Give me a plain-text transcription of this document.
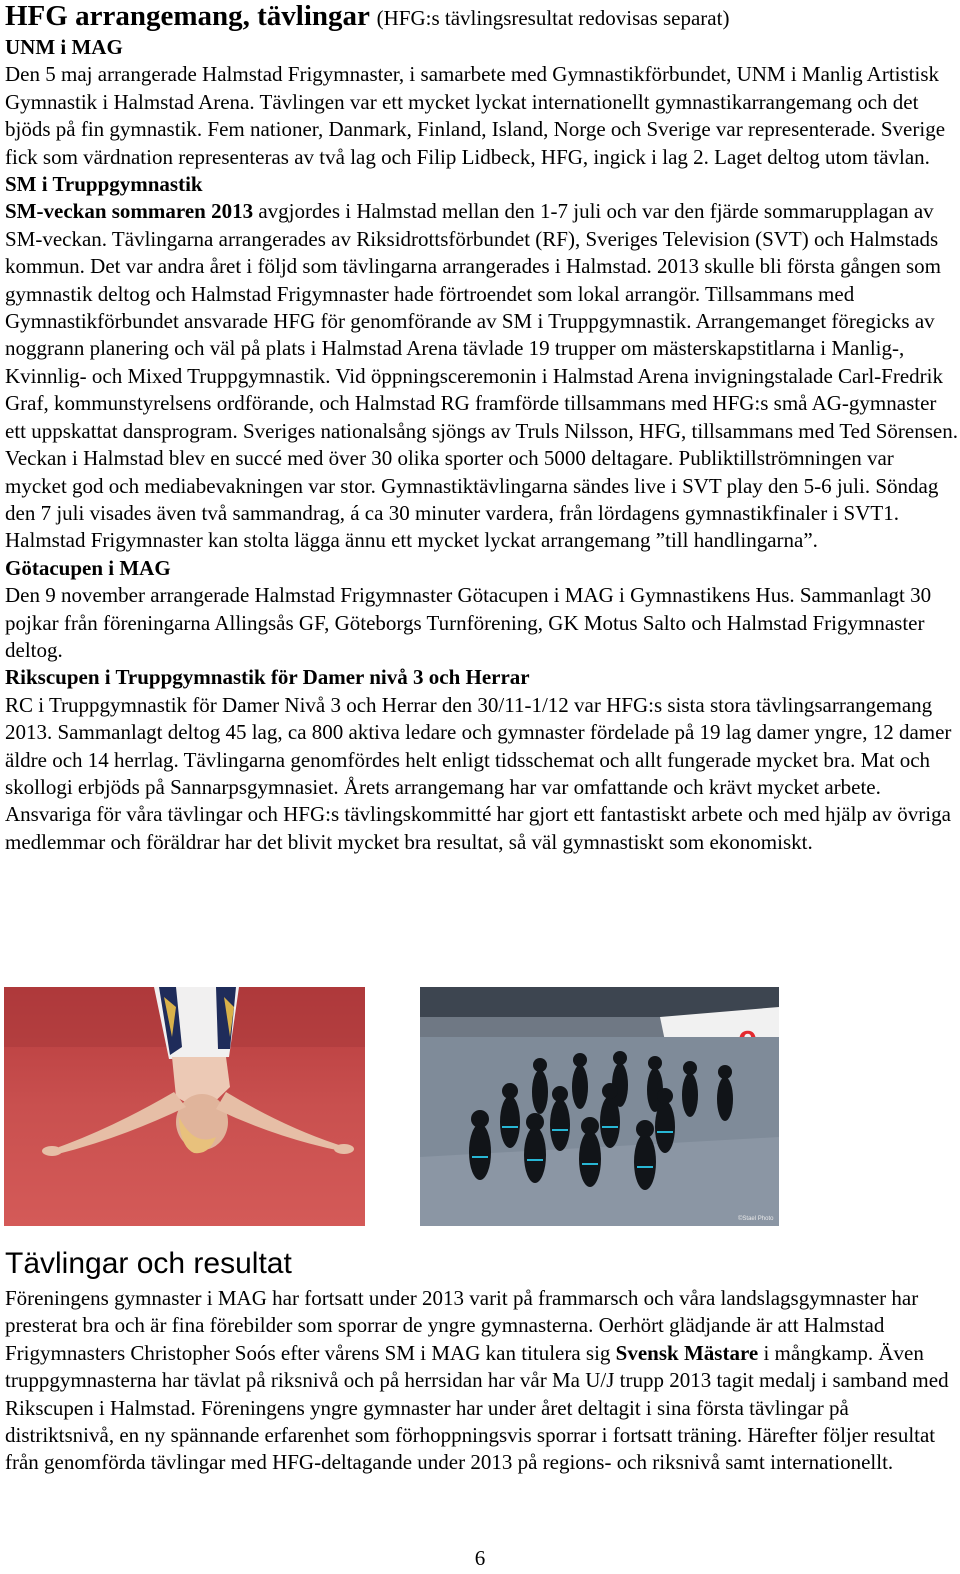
HFG arrangemang, tävlingar (HFG:s tävlingsresultat redovisas separat)

UNM i MAG

Den 5 maj arrangerade Halmstad Frigymnaster, i samarbete med Gymnastikförbundet, UNM i Manlig Artistisk Gymnastik i Halmstad Arena. Tävlingen var ett mycket lyckat internationellt gymnastikarrangemang och det bjöds på fin gymnastik. Fem nationer, Danmark, Finland, Island, Norge och Sverige var representerade. Sverige fick som värdnation representeras av två lag och Filip Lidbeck, HFG, ingick i lag 2. Laget deltog utom tävlan.

SM i Truppgymnastik

SM-veckan sommaren 2013 avgjordes i Halmstad mellan den 1-7 juli och var den fjärde sommarupplagan av SM-veckan. Tävlingarna arrangerades av Riksidrottsförbundet (RF), Sveriges Television (SVT) och Halmstads kommun. Det var andra året i följd som tävlingarna arrangerades i Halmstad. 2013 skulle bli första gången som gymnastik deltog och Halmstad Frigymnaster hade förtroendet som lokal arrangör. Tillsammans med Gymnastikförbundet ansvarade HFG för genomförande av SM i Truppgymnastik. Arrangemanget föregicks av noggrann planering och väl på plats i Halmstad Arena tävlade 19 trupper om mästerskapstitlarna i Manlig-, Kvinnlig- och Mixed Truppgymnastik. Vid öppningsceremonin i Halmstad Arena invigningstalade Carl-Fredrik Graf, kommunstyrelsens ordförande, och Halmstad RG framförde tillsammans med HFG:s små AG-gymnaster ett uppskattat dansprogram. Sveriges nationalsång sjöngs av Truls Nilsson, HFG, tillsammans med Ted Sörensen. Veckan i Halmstad blev en succé med över 30 olika sporter och 5000 deltagare. Publiktillströmningen var mycket god och mediabevakningen var stor. Gymnastiktävlingarna sändes live i SVT play den 5-6 juli. Söndag den 7 juli visades även två sammandrag, á ca 30 minuter vardera, från lördagens gymnastikfinaler i SVT1. Halmstad Frigymnaster kan stolta lägga ännu ett mycket lyckat arrangemang ”till handlingarna”.

Götacupen i MAG

Den 9 november arrangerade Halmstad Frigymnaster Götacupen i MAG i Gymnastikens Hus. Sammanlagt 30 pojkar från föreningarna Allingsås GF, Göteborgs Turnförening, GK Motus Salto och Halmstad Frigymnaster deltog.

Rikscupen i Truppgymnastik för Damer nivå 3 och Herrar

RC i Truppgymnastik för Damer Nivå 3 och Herrar den 30/11-1/12 var HFG:s sista stora tävlingsarrangemang 2013. Sammanlagt deltog 45 lag, ca 800 aktiva ledare och gymnaster fördelade på 19 lag damer yngre, 12 damer äldre och 14 herrlag. Tävlingarna genomfördes helt enligt tidsschemat och allt fungerade mycket bra. Mat och skollogi erbjöds på Sannarpsgymnasiet. Årets arrangemang har var omfattande och krävt mycket arbete. Ansvariga för våra tävlingar och HFG:s tävlingskommitté har gjort ett fantastiskt arbete och med hjälp av övriga medlemmar och föräldrar har det blivit mycket bra resultat, så väl gymnastiskt som ekonomiskt.

©Stael Photo
Tävlingar och resultat

Föreningens gymnaster i MAG har fortsatt under 2013 varit på frammarsch och våra landslagsgymnaster har presterat bra och är fina förebilder som sporrar de yngre gymnasterna. Oerhört glädjande är att Halmstad Frigymnasters Christopher Soós efter vårens SM i MAG kan titulera sig Svensk Mästare i mångkamp. Även truppgymnasterna har tävlat på riksnivå och på herrsidan har vår Ma U/J trupp 2013 tagit medalj i samband med Rikscupen i Halmstad. Föreningens yngre gymnaster har under året deltagit i sina första tävlingar på distriktsnivå, en ny spännande erfarenhet som förhoppningsvis sporrar i fortsatt träning. Härefter följer resultat från genomförda tävlingar med HFG-deltagande under 2013 på regions- och riksnivå samt internationellt.

6
